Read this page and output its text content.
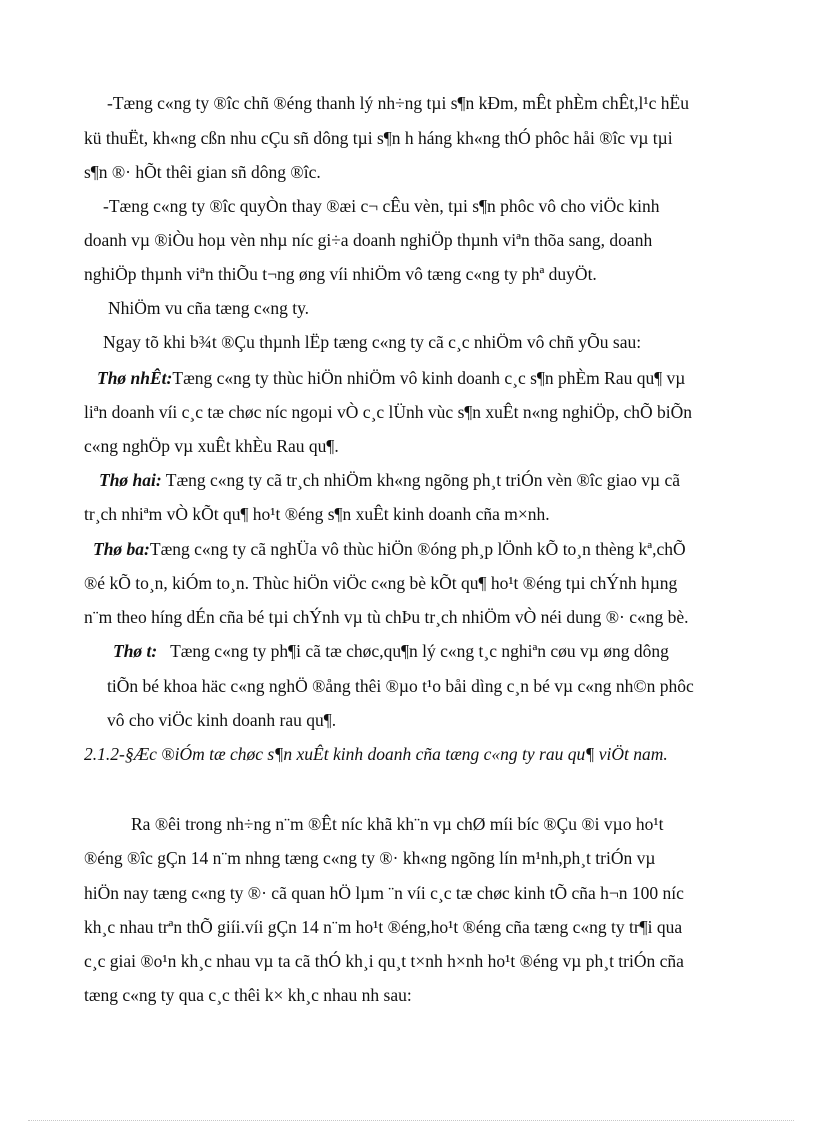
-Tæng c«ng ty ®îc chñ ®éng thanh lý nh÷ng tµi s¶n kÐm, mÊt phÈm chÊt,l¹c hËu
kü thuËt, kh«ng cßn nhu cÇu sñ dông tµi s¶n h háng kh«ng thÓ phôc håi ®îc vµ tµi
s¶n ®· hÕt thêi gian sñ dông ®îc.
-Tæng c«ng ty ®îc quyÒn thay ®æi c¬ cÊu vèn, tµi s¶n phôc vô cho viÖc kinh
doanh vµ ®iÒu hoµ vèn nhµ níc gi÷a doanh nghiÖp thµnh viªn thõa sang, doanh
nghiÖp thµnh viªn thiÕu t¬ng øng víi nhiÖm vô tæng c«ng ty phª duyÖt.
NhiÖm vu cña tæng c«ng ty.
Ngay tõ khi b¾t ®Çu thµnh lËp tæng c«ng ty cã c¸c nhiÖm vô chñ yÕu sau:
Thø nhÊt:Tæng c«ng ty thùc hiÖn nhiÖm vô kinh doanh c¸c s¶n phÈm Rau qu¶ vµ
liªn doanh víi c¸c tæ chøc níc ngoµi vÒ c¸c lÜnh vùc s¶n xuÊt n«ng nghiÖp, chÕ biÕn
c«ng nghÖp vµ xuÊt khÈu Rau qu¶.
Thø hai: Tæng c«ng ty cã tr¸ch nhiÖm kh«ng ngõng ph¸t triÓn vèn ®îc giao vµ cã
tr¸ch nhiªm vÒ kÕt qu¶ ho¹t ®éng s¶n xuÊt kinh doanh cña m×nh.
Thø ba:Tæng c«ng ty cã nghÜa vô thùc hiÖn ®óng ph¸p lÖnh kÕ to¸n thèng kª,chÕ
®é kÕ to¸n, kiÓm to¸n. Thùc hiÖn viÖc c«ng bè kÕt qu¶ ho¹t ®éng tµi chÝnh hµng
n¨m theo híng dÉn cña bé tµi chÝnh vµ tù chÞu tr¸ch nhiÖm vÒ néi dung ®· c«ng bè.
Thø t: Tæng c«ng ty ph¶i cã tæ chøc,qu¶n lý c«ng t¸c nghiªn cøu vµ øng dông
tiÕn bé khoa häc c«ng nghÖ ®ång thêi ®µo t¹o båi dìng c¸n bé vµ c«ng nh©n phôc
vô cho viÖc kinh doanh rau qu¶.
2.1.2-§Æc ®iÓm tæ chøc s¶n xuÊt kinh doanh cña tæng c«ng ty rau qu¶ viÖt nam.
Ra ®êi trong nh÷ng n¨m ®Êt níc khã kh¨n vµ chØ míi bíc ®Çu ®i vµo ho¹t
®éng ®îc gÇn 14 n¨m nhng tæng c«ng ty ®· kh«ng ngõng lín m¹nh,ph¸t triÓn vµ
hiÖn nay tæng c«ng ty ®· cã quan hÖ lµm ¨n víi c¸c tæ chøc kinh tÕ cña h¬n 100 níc
kh¸c nhau trªn thÕ giíi.víi gÇn 14 n¨m ho¹t ®éng,ho¹t ®éng cña tæng c«ng ty tr¶i qua
c¸c giai ®o¹n kh¸c nhau vµ ta cã thÓ kh¸i qu¸t t×nh h×nh ho¹t ®éng vµ ph¸t triÓn cña
tæng c«ng ty qua c¸c thêi k× kh¸c nhau nh sau:
